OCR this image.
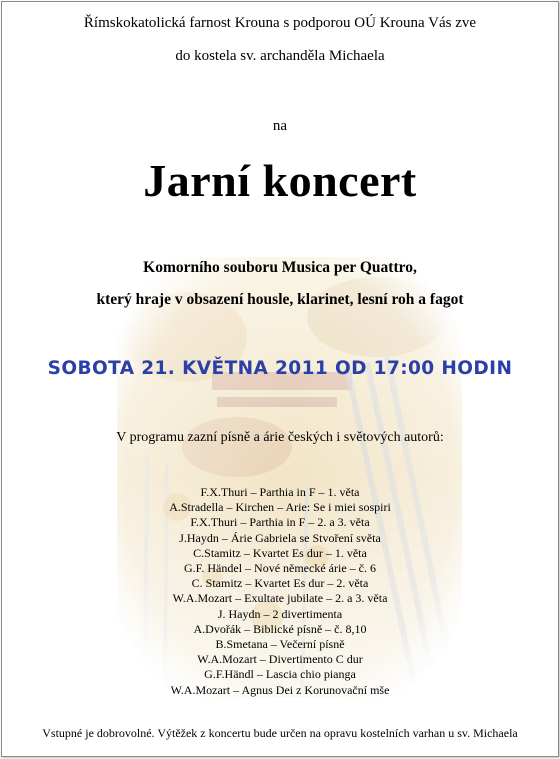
Římskokatolická farnost Krouna s podporou OÚ Krouna Vás zve
do kostela sv. archanděla Michaela
na
Jarní koncert
Komorního souboru Musica per Quattro,
který hraje v obsazení housle, klarinet, lesní roh a fagot
SOBOTA 21. KVĚTNA 2011 OD 17:00 HODIN
V programu zazní písně a árie českých i světových autorů:
F.X.Thuri – Parthia in F – 1. věta
A.Stradella – Kirchen – Arie: Se i miei sospiri
F.X.Thuri – Parthia in F – 2. a 3. věta
J.Haydn – Árie Gabriela se Stvoření světa
C.Stamitz – Kvartet Es dur – 1. věta
G.F. Händel – Nové německé árie – č. 6
C. Stamitz – Kvartet Es dur – 2. věta
W.A.Mozart – Exultate jubilate – 2. a 3. věta
J. Haydn – 2 divertimenta
A.Dvořák – Biblické písně – č. 8,10
B.Smetana – Večerní písně
W.A.Mozart – Divertimento C dur
G.F.Händl – Lascia chio pianga
W.A.Mozart – Agnus Dei z Korunovační mše
Vstupné je dobrovolné. Výtěžek z koncertu bude určen na opravu kostelních varhan u sv. Michaela
